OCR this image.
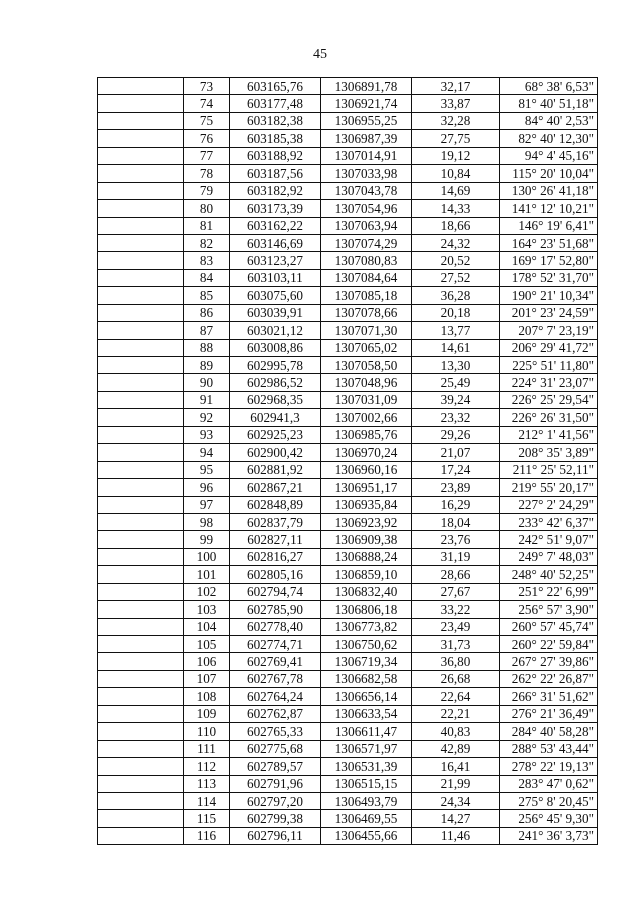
45
	73	603165,76	1306891,78	32,17	68° 38' 6,53"
	74	603177,48	1306921,74	33,87	81° 40' 51,18"
	75	603182,38	1306955,25	32,28	84° 40' 2,53"
	76	603185,38	1306987,39	27,75	82° 40' 12,30"
	77	603188,92	1307014,91	19,12	94° 4' 45,16"
	78	603187,56	1307033,98	10,84	115° 20' 10,04"
	79	603182,92	1307043,78	14,69	130° 26' 41,18"
	80	603173,39	1307054,96	14,33	141° 12' 10,21"
	81	603162,22	1307063,94	18,66	146° 19' 6,41"
	82	603146,69	1307074,29	24,32	164° 23' 51,68"
	83	603123,27	1307080,83	20,52	169° 17' 52,80"
	84	603103,11	1307084,64	27,52	178° 52' 31,70"
	85	603075,60	1307085,18	36,28	190° 21' 10,34"
	86	603039,91	1307078,66	20,18	201° 23' 24,59"
	87	603021,12	1307071,30	13,77	207° 7' 23,19"
	88	603008,86	1307065,02	14,61	206° 29' 41,72"
	89	602995,78	1307058,50	13,30	225° 51' 11,80"
	90	602986,52	1307048,96	25,49	224° 31' 23,07"
	91	602968,35	1307031,09	39,24	226° 25' 29,54"
	92	602941,3	1307002,66	23,32	226° 26' 31,50"
	93	602925,23	1306985,76	29,26	212° 1' 41,56"
	94	602900,42	1306970,24	21,07	208° 35' 3,89"
	95	602881,92	1306960,16	17,24	211° 25' 52,11"
	96	602867,21	1306951,17	23,89	219° 55' 20,17"
	97	602848,89	1306935,84	16,29	227° 2' 24,29"
	98	602837,79	1306923,92	18,04	233° 42' 6,37"
	99	602827,11	1306909,38	23,76	242° 51' 9,07"
	100	602816,27	1306888,24	31,19	249° 7' 48,03"
	101	602805,16	1306859,10	28,66	248° 40' 52,25"
	102	602794,74	1306832,40	27,67	251° 22' 6,99"
	103	602785,90	1306806,18	33,22	256° 57' 3,90"
	104	602778,40	1306773,82	23,49	260° 57' 45,74"
	105	602774,71	1306750,62	31,73	260° 22' 59,84"
	106	602769,41	1306719,34	36,80	267° 27' 39,86"
	107	602767,78	1306682,58	26,68	262° 22' 26,87"
	108	602764,24	1306656,14	22,64	266° 31' 51,62"
	109	602762,87	1306633,54	22,21	276° 21' 36,49"
	110	602765,33	1306611,47	40,83	284° 40' 58,28"
	111	602775,68	1306571,97	42,89	288° 53' 43,44"
	112	602789,57	1306531,39	16,41	278° 22' 19,13"
	113	602791,96	1306515,15	21,99	283° 47' 0,62"
	114	602797,20	1306493,79	24,34	275° 8' 20,45"
	115	602799,38	1306469,55	14,27	256° 45' 9,30"
	116	602796,11	1306455,66	11,46	241° 36' 3,73"
